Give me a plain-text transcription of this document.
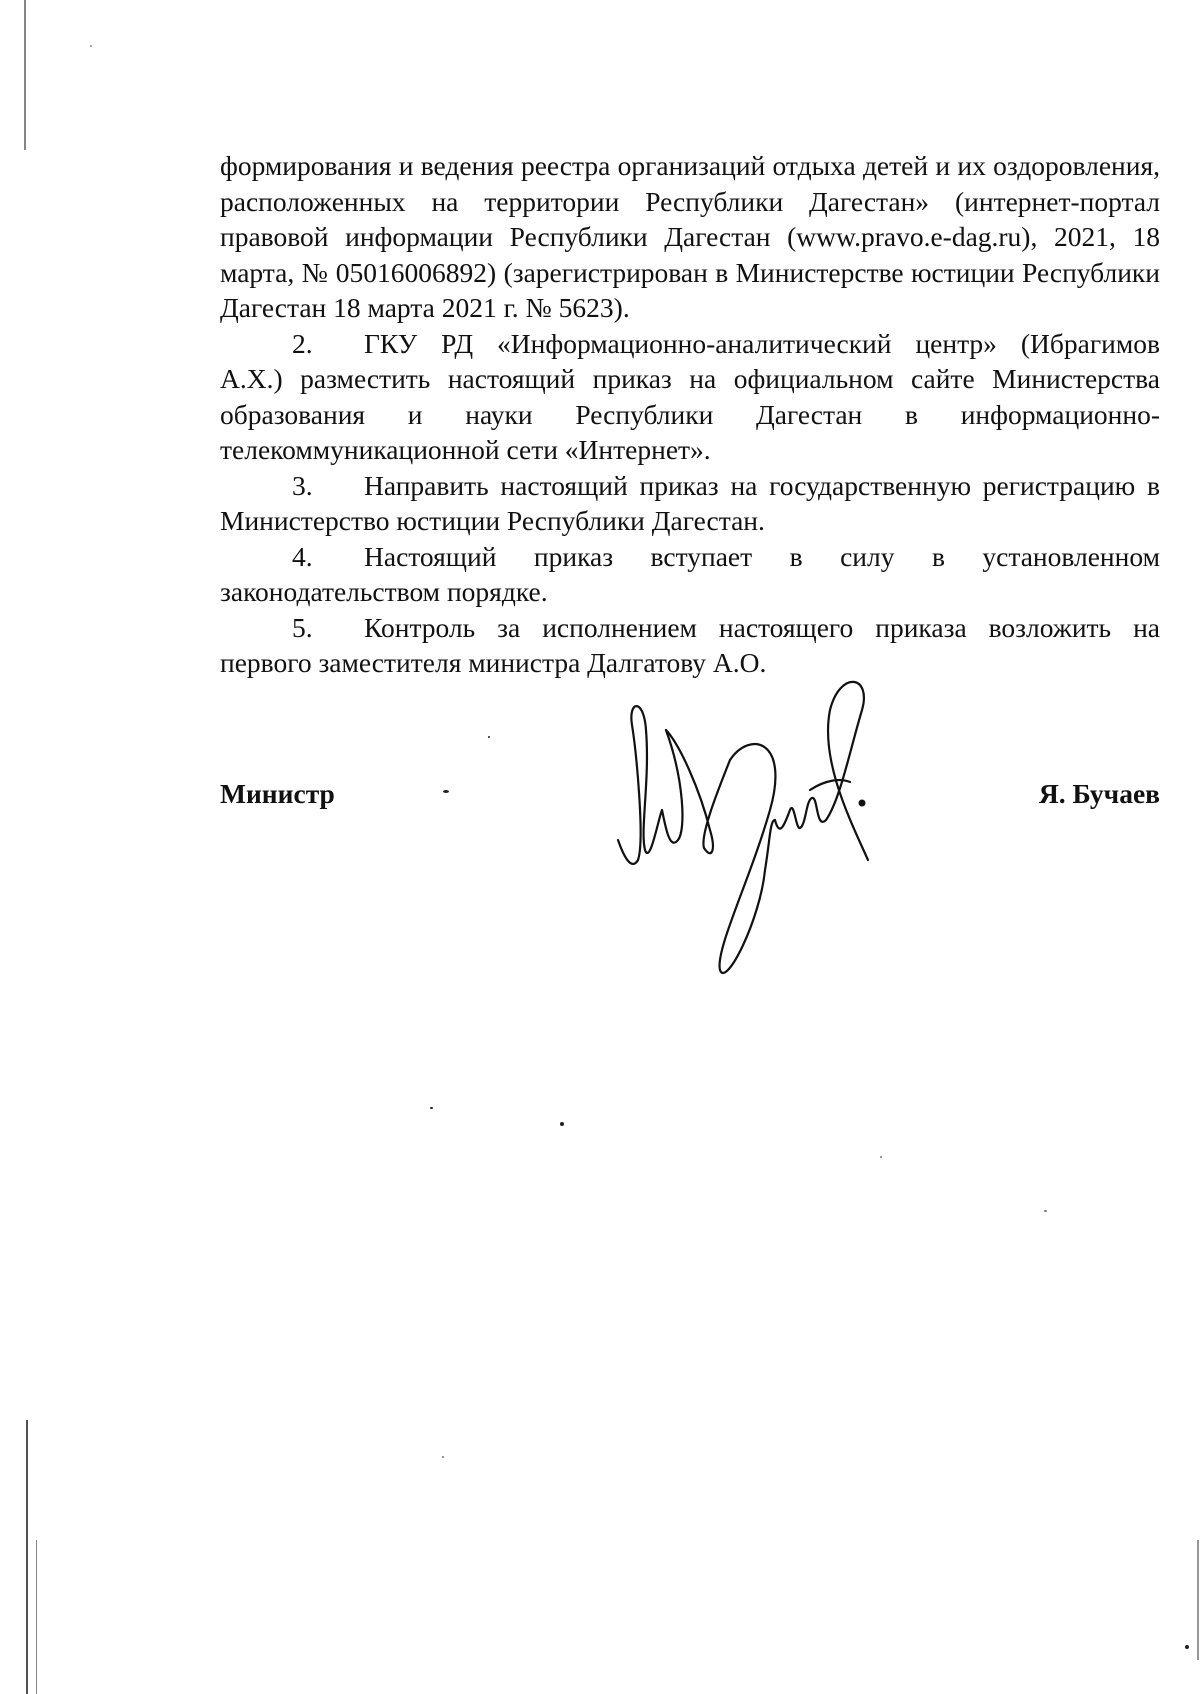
формирования и ведения реестра организаций отдыха детей и их оздоровления, расположенных на территории Республики Дагестан» (интернет-портал правовой информации Республики Дагестан (www.pravo.e-dag.ru), 2021, 18 марта, № 05016006892) (зарегистрирован в Министерстве юстиции Республики Дагестан 18 марта 2021 г. № 5623).

2. ГКУ РД «Информационно-аналитический центр» (Ибрагимов А.Х.) разместить настоящий приказ на официальном сайте Министерства образования и науки Республики Дагестан в информационно-телекоммуникационной сети «Интернет».

3. Направить настоящий приказ на государственную регистрацию в Министерство юстиции Республики Дагестан.

4. Настоящий приказ вступает в силу в установленном законодательством порядке.

5. Контроль за исполнением настоящего приказа возложить на первого заместителя министра Далгатову А.О.

Министр	Я. Бучаев
